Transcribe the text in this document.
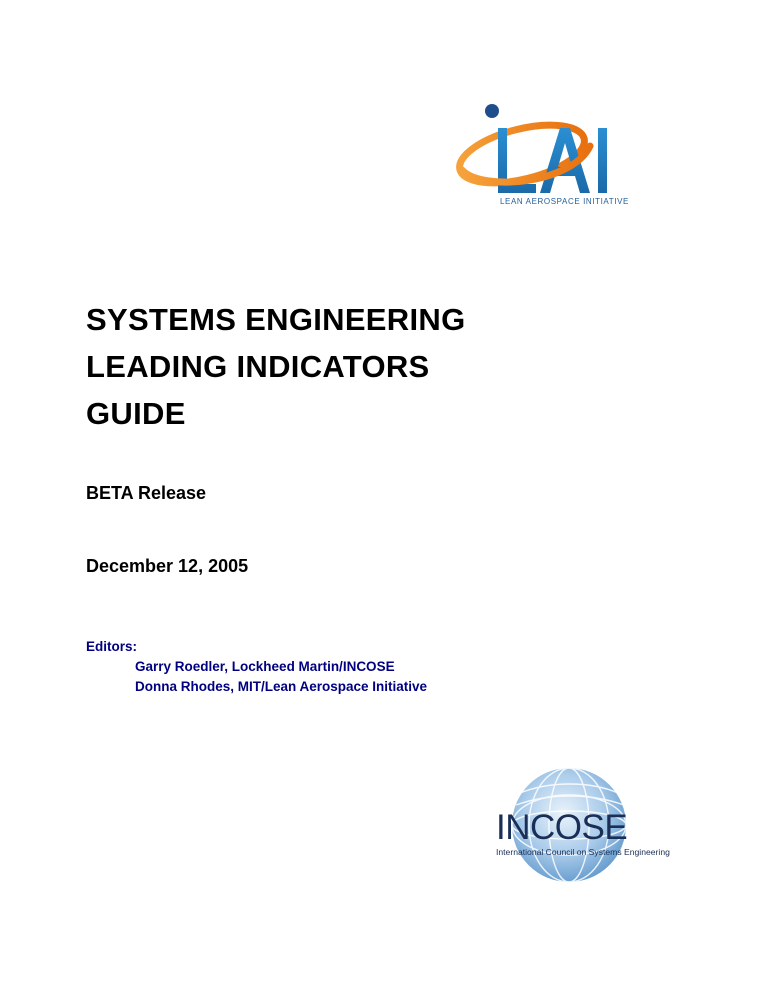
LEAN AEROSPACE INITIATIVE
SYSTEMS ENGINEERING
LEADING INDICATORS
GUIDE
BETA Release
December 12, 2005
Editors:
Garry Roedler, Lockheed Martin/INCOSE
Donna Rhodes, MIT/Lean Aerospace Initiative
INCOSE
International Council on Systems Engineering
